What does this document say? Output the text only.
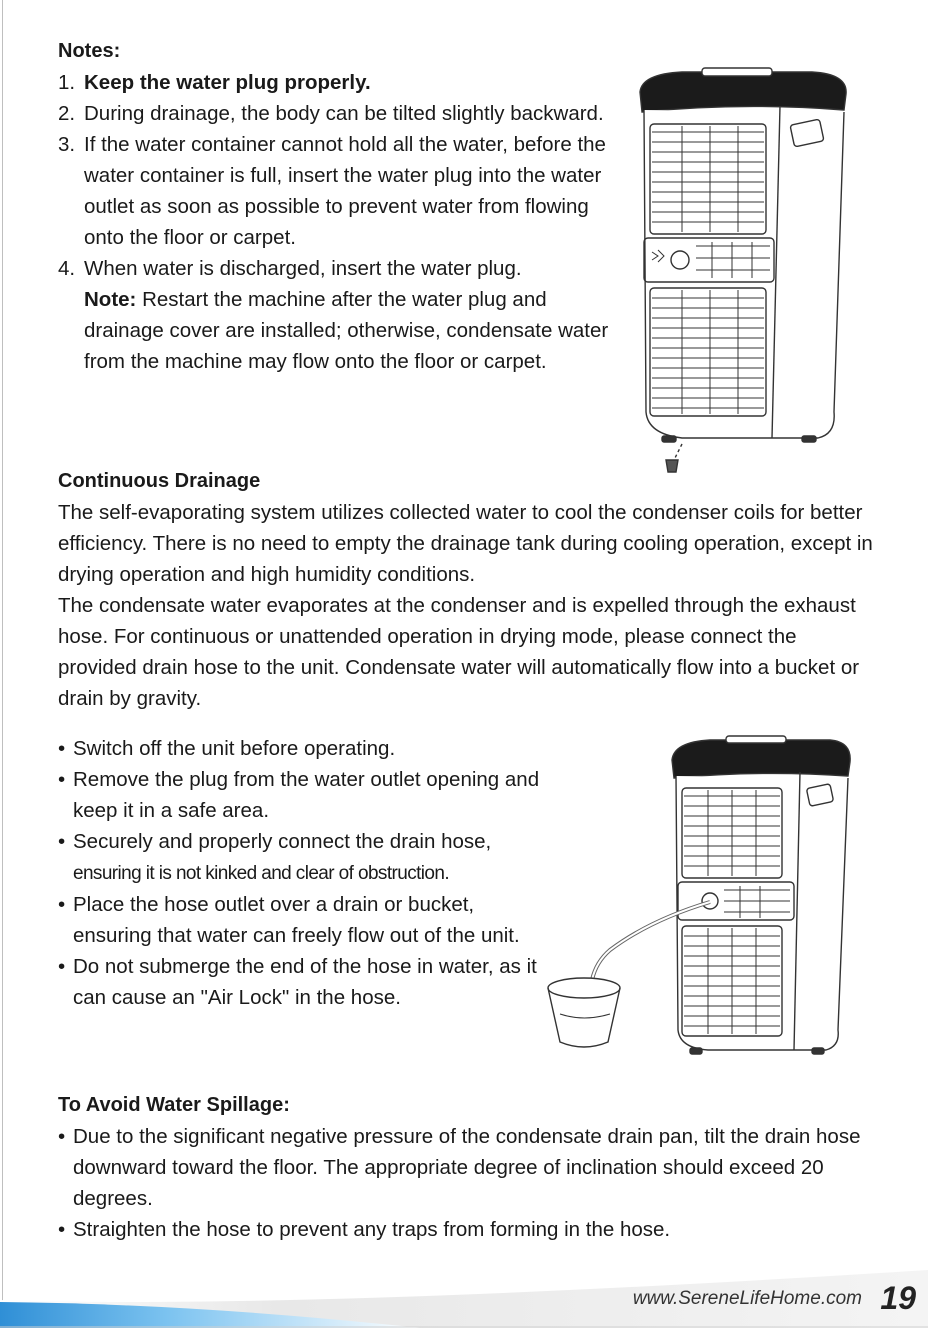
Notes:
1. Keep the water plug properly.
2. During drainage, the body can be tilted slightly backward.
3. If the water container cannot hold all the water, before the water container is full, insert the water plug into the water outlet as soon as possible to prevent water from flowing onto the floor or carpet.
4. When water is discharged, insert the water plug.
Note: Restart the machine after the water plug and drainage cover are installed; otherwise, condensate water from the machine may flow onto the floor or carpet.
Continuous Drainage

The self-evaporating system utilizes collected water to cool the condenser coils for better efficiency. There is no need to empty the drainage tank during cooling operation, except in drying operation and high humidity conditions.

The condensate water evaporates at the condenser and is expelled through the exhaust hose. For continuous or unattended operation in drying mode, please connect the provided drain hose to the unit. Condensate water will automatically flow into a bucket or drain by gravity.

• Switch off the unit before operating.
• Remove the plug from the water outlet opening and keep it in a safe area.
• Securely and properly connect the drain hose,
ensuring it is not kinked and clear of obstruction.
• Place the hose outlet over a drain or bucket, ensuring that water can freely flow out of the unit.
• Do not submerge the end of the hose in water, as it can cause an "Air Lock" in the hose.
To Avoid Water Spillage:
• Due to the significant negative pressure of the condensate drain pan, tilt the drain hose downward toward the floor. The appropriate degree of inclination should exceed 20 degrees.
• Straighten the hose to prevent any traps from forming in the hose.
www.SereneLifeHome.com 19
